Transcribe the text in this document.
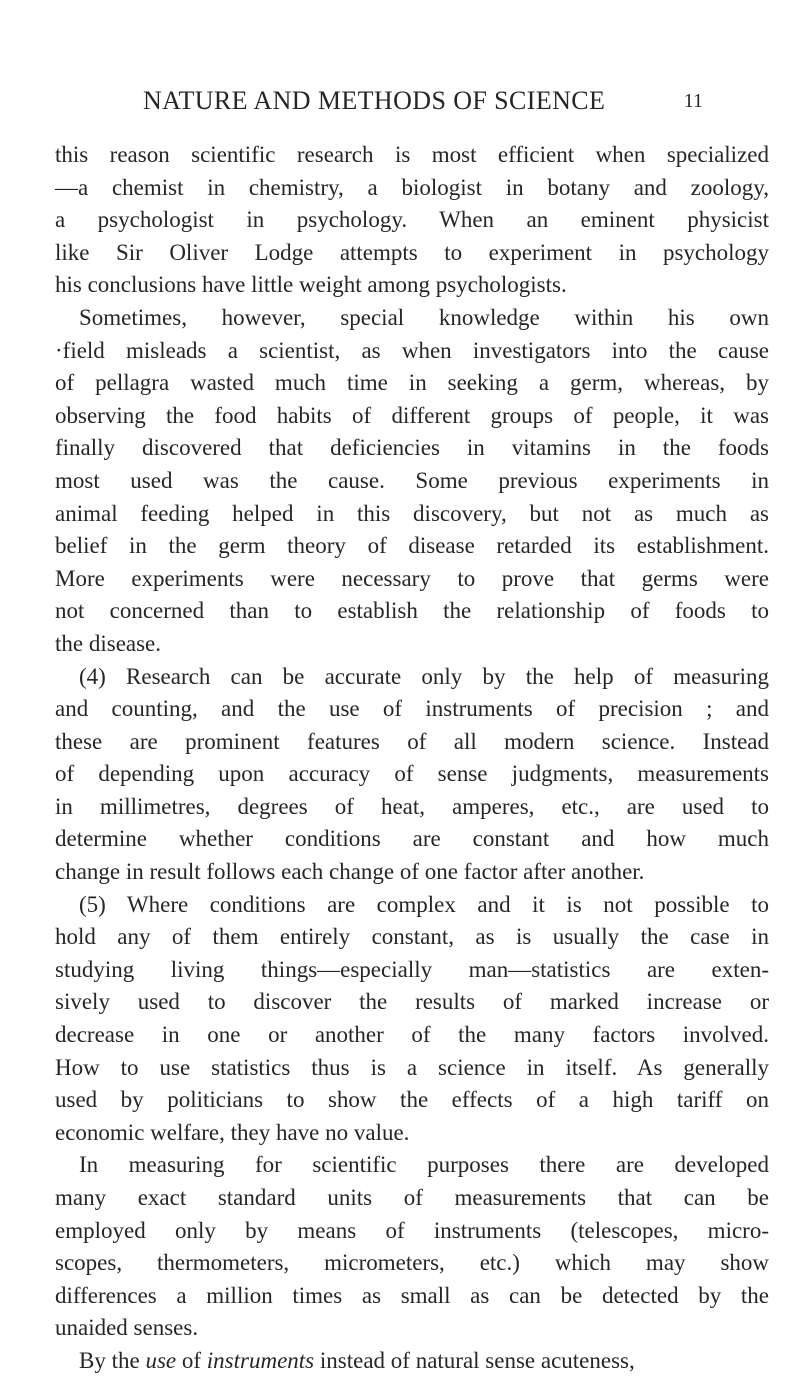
NATURE AND METHODS OF SCIENCE	11
this reason scientific research is most efficient when specialized
—a chemist in chemistry, a biologist in botany and zoology,
a psychologist in psychology. When an eminent physicist
like Sir Oliver Lodge attempts to experiment in psychology
his conclusions have little weight among psychologists.
Sometimes, however, special knowledge within his own
·field misleads a scientist, as when investigators into the cause
of pellagra wasted much time in seeking a germ, whereas, by
observing the food habits of different groups of people, it was
finally discovered that deficiencies in vitamins in the foods
most used was the cause. Some previous experiments in
animal feeding helped in this discovery, but not as much as
belief in the germ theory of disease retarded its establishment.
More experiments were necessary to prove that germs were
not concerned than to establish the relationship of foods to
the disease.
(4) Research can be accurate only by the help of measuring
and counting, and the use of instruments of precision ; and
these are prominent features of all modern science. Instead
of depending upon accuracy of sense judgments, measurements
in millimetres, degrees of heat, amperes, etc., are used to
determine whether conditions are constant and how much
change in result follows each change of one factor after another.
(5) Where conditions are complex and it is not possible to
hold any of them entirely constant, as is usually the case in
studying living things—especially man—statistics are exten-
sively used to discover the results of marked increase or
decrease in one or another of the many factors involved.
How to use statistics thus is a science in itself. As generally
used by politicians to show the effects of a high tariff on
economic welfare, they have no value.
In measuring for scientific purposes there are developed
many exact standard units of measurements that can be
employed only by means of instruments (telescopes, micro-
scopes, thermometers, micrometers, etc.) which may show
differences a million times as small as can be detected by the
unaided senses.
By the use of instruments instead of natural sense acuteness,
